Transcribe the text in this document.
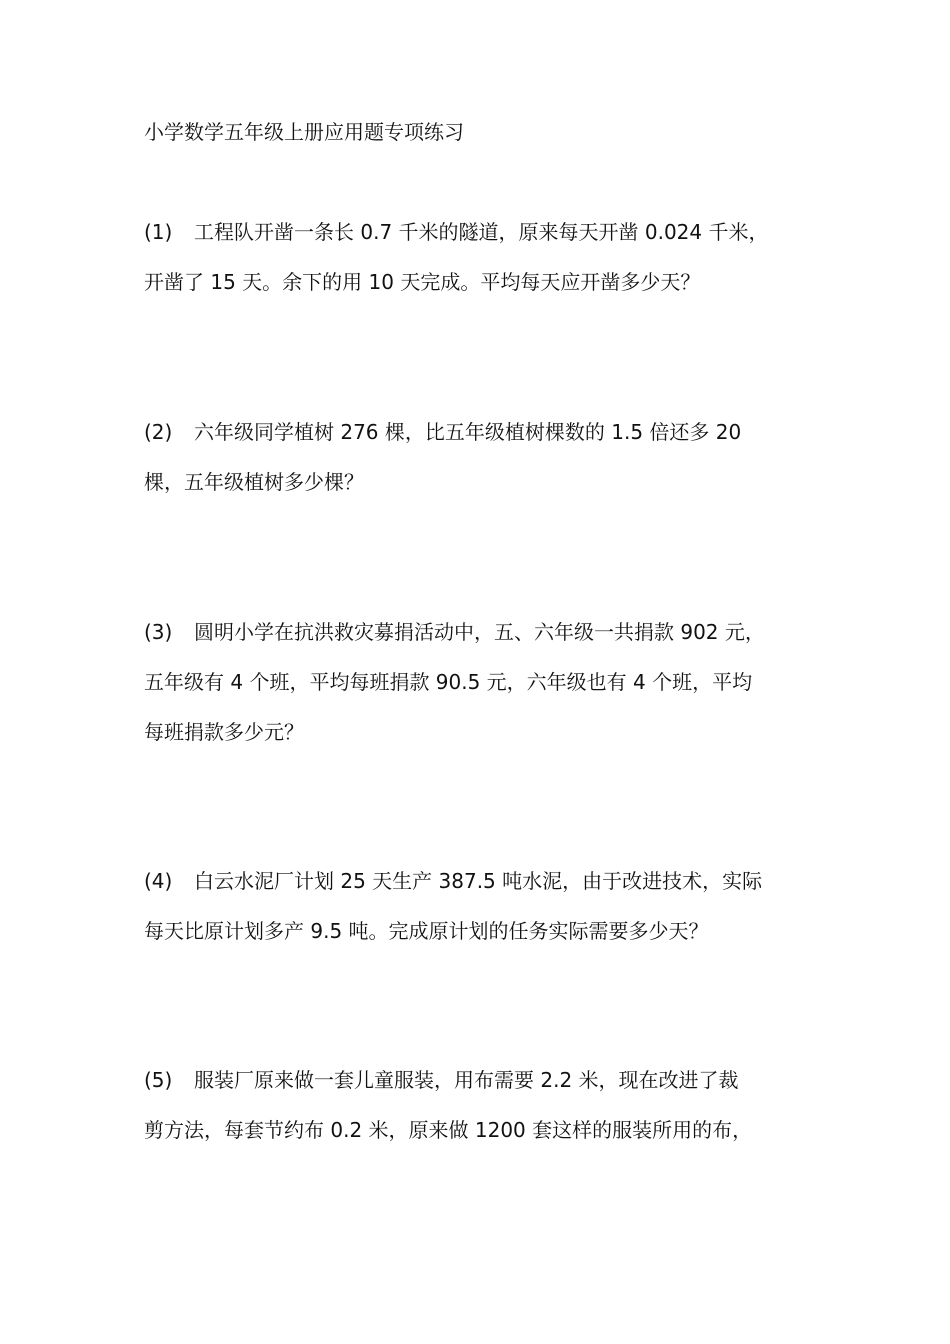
小学数学五年级上册应用题专项练习
(1) 工程队开凿一条长 0.7 千米的隧道，原来每天开凿 0.024 千米，
开凿了 15 天。余下的用 10 天完成。平均每天应开凿多少天？
(2) 六年级同学植树 276 棵，比五年级植树棵数的 1.5 倍还多 20
棵，五年级植树多少棵？
(3) 圆明小学在抗洪救灾募捐活动中，五、六年级一共捐款 902 元，
五年级有 4 个班，平均每班捐款 90.5 元，六年级也有 4 个班，平均
每班捐款多少元？
(4) 白云水泥厂计划 25 天生产 387.5 吨水泥，由于改进技术，实际
每天比原计划多产 9.5 吨。完成原计划的任务实际需要多少天？
(5) 服装厂原来做一套儿童服装，用布需要 2.2 米，现在改进了裁
剪方法，每套节约布 0.2 米，原来做 1200 套这样的服装所用的布，
